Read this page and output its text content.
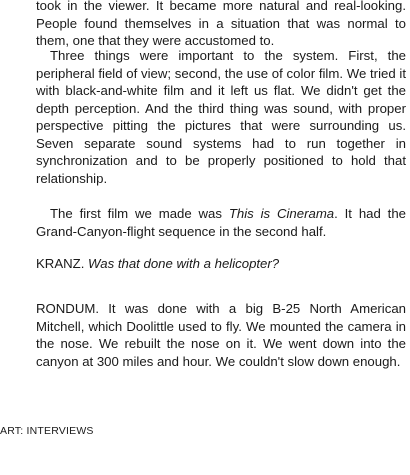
took in the viewer. It became more natural and real-looking. People found themselves in a situation that was normal to them, one that they were accustomed to.

Three things were important to the system. First, the peripheral field of view; second, the use of color film. We tried it with black-and-white film and it left us flat. We didn't get the depth perception. And the third thing was sound, with proper perspective pitting the pictures that were surrounding us. Seven separate sound systems had to run together in synchronization and to be properly positioned to hold that relationship.

The first film we made was This is Cinerama. It had the Grand-Canyon-flight sequence in the second half.

KRANZ. Was that done with a helicopter?

RONDUM. It was done with a big B-25 North American Mitchell, which Doolittle used to fly. We mounted the camera in the nose. We rebuilt the nose on it. We went down into the canyon at 300 miles and hour. We couldn't slow down enough.

ART: INTERVIEWS
